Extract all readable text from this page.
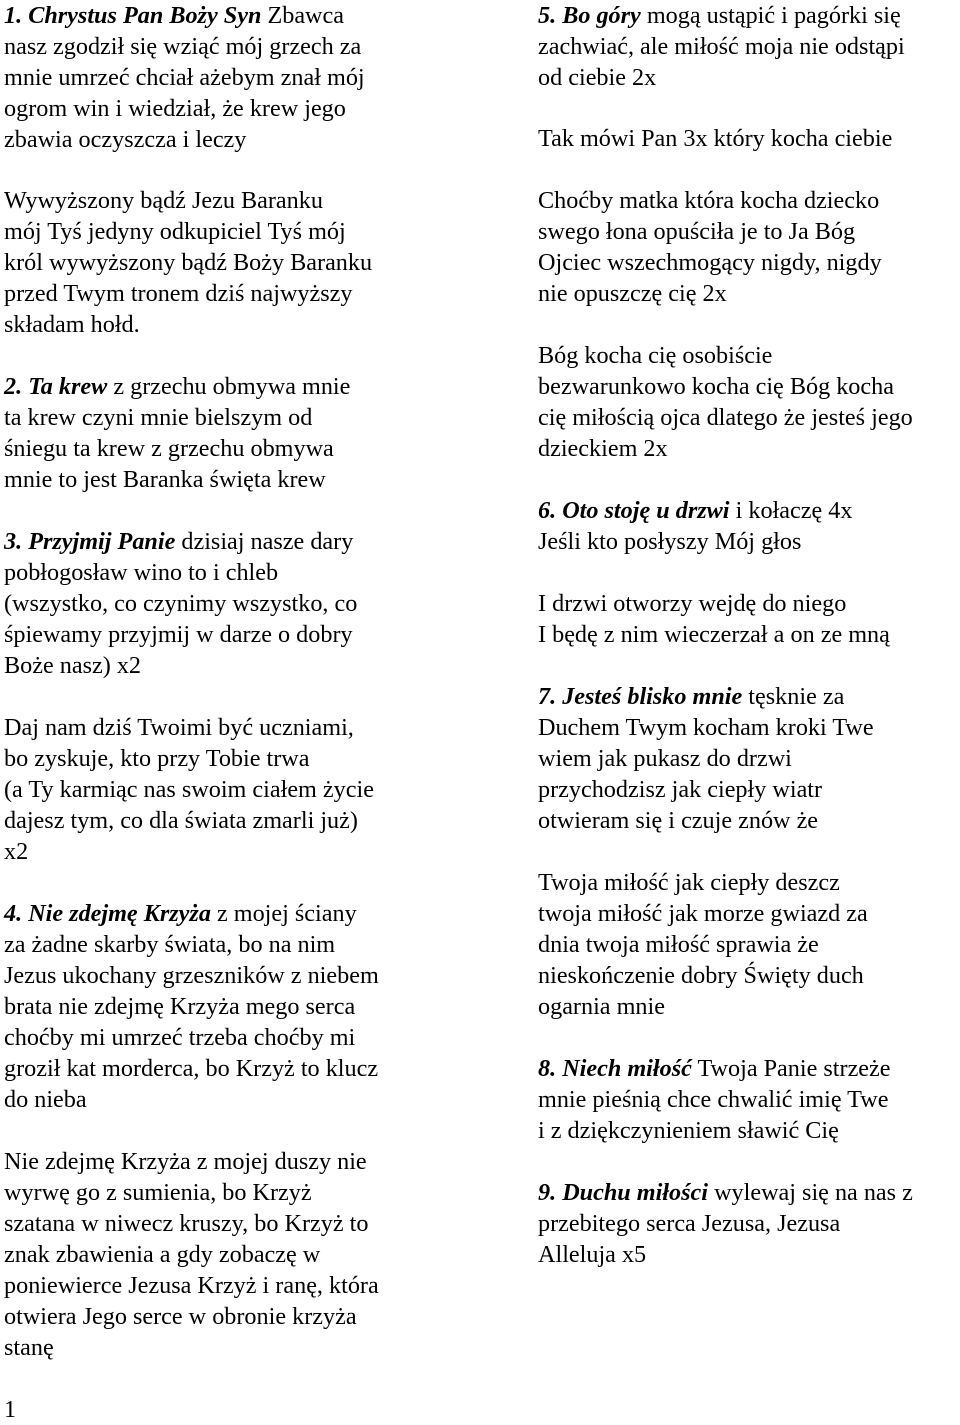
1. Chrystus Pan Boży Syn Zbawca
nasz zgodził się wziąć mój grzech za
mnie umrzeć chciał ażebym znał mój
ogrom win i wiedział, że krew jego
zbawia oczyszcza i leczy

Wywyższony bądź Jezu Baranku
mój Tyś jedyny odkupiciel Tyś mój
król wywyższony bądź Boży Baranku
przed Twym tronem dziś najwyższy
składam hołd.

2. Ta krew z grzechu obmywa mnie
ta krew czyni mnie bielszym od
śniegu ta krew z grzechu obmywa
mnie to jest Baranka święta krew

3. Przyjmij Panie dzisiaj nasze dary
pobłogosław wino to i chleb
(wszystko, co czynimy wszystko, co
śpiewamy przyjmij w darze o dobry
Boże nasz) x2

Daj nam dziś Twoimi być uczniami,
bo zyskuje, kto przy Tobie trwa
(a Ty karmiąc nas swoim ciałem życie
dajesz tym, co dla świata zmarli już)
x2

4. Nie zdejmę Krzyża z mojej ściany
za żadne skarby świata, bo na nim
Jezus ukochany grzeszników z niebem
brata nie zdejmę Krzyża mego serca
choćby mi umrzeć trzeba choćby mi
groził kat morderca, bo Krzyż to klucz
do nieba

Nie zdejmę Krzyża z mojej duszy nie
wyrwę go z sumienia, bo Krzyż
szatana w niwecz kruszy, bo Krzyż to
znak zbawienia a gdy zobaczę w
poniewierce Jezusa Krzyż i ranę, która
otwiera Jego serce w obronie krzyża
stanę

5. Bo góry mogą ustąpić i pagórki się
zachwiać, ale miłość moja nie odstąpi
od ciebie 2x

Tak mówi Pan 3x który kocha ciebie

Choćby matka która kocha dziecko
swego łona opuściła je to Ja Bóg
Ojciec wszechmogący nigdy, nigdy
nie opuszczę cię 2x

Bóg kocha cię osobiście
bezwarunkowo kocha cię Bóg kocha
cię miłością ojca dlatego że jesteś jego
dzieckiem 2x

6. Oto stoję u drzwi i kołaczę 4x
Jeśli kto posłyszy Mój głos

I drzwi otworzy wejdę do niego
I będę z nim wieczerzał a on ze mną

7. Jesteś blisko mnie tęsknie za
Duchem Twym kocham kroki Twe
wiem jak pukasz do drzwi
przychodzisz jak ciepły wiatr
otwieram się i czuje znów że

Twoja miłość jak ciepły deszcz
twoja miłość jak morze gwiazd za
dnia twoja miłość sprawia że
nieskończenie dobry Święty duch
ogarnia mnie

8. Niech miłość Twoja Panie strzeże
mnie pieśnią chce chwalić imię Twe
i z dziękczynieniem sławić Cię

9. Duchu miłości wylewaj się na nas z
przebitego serca Jezusa, Jezusa
Alleluja x5

1
